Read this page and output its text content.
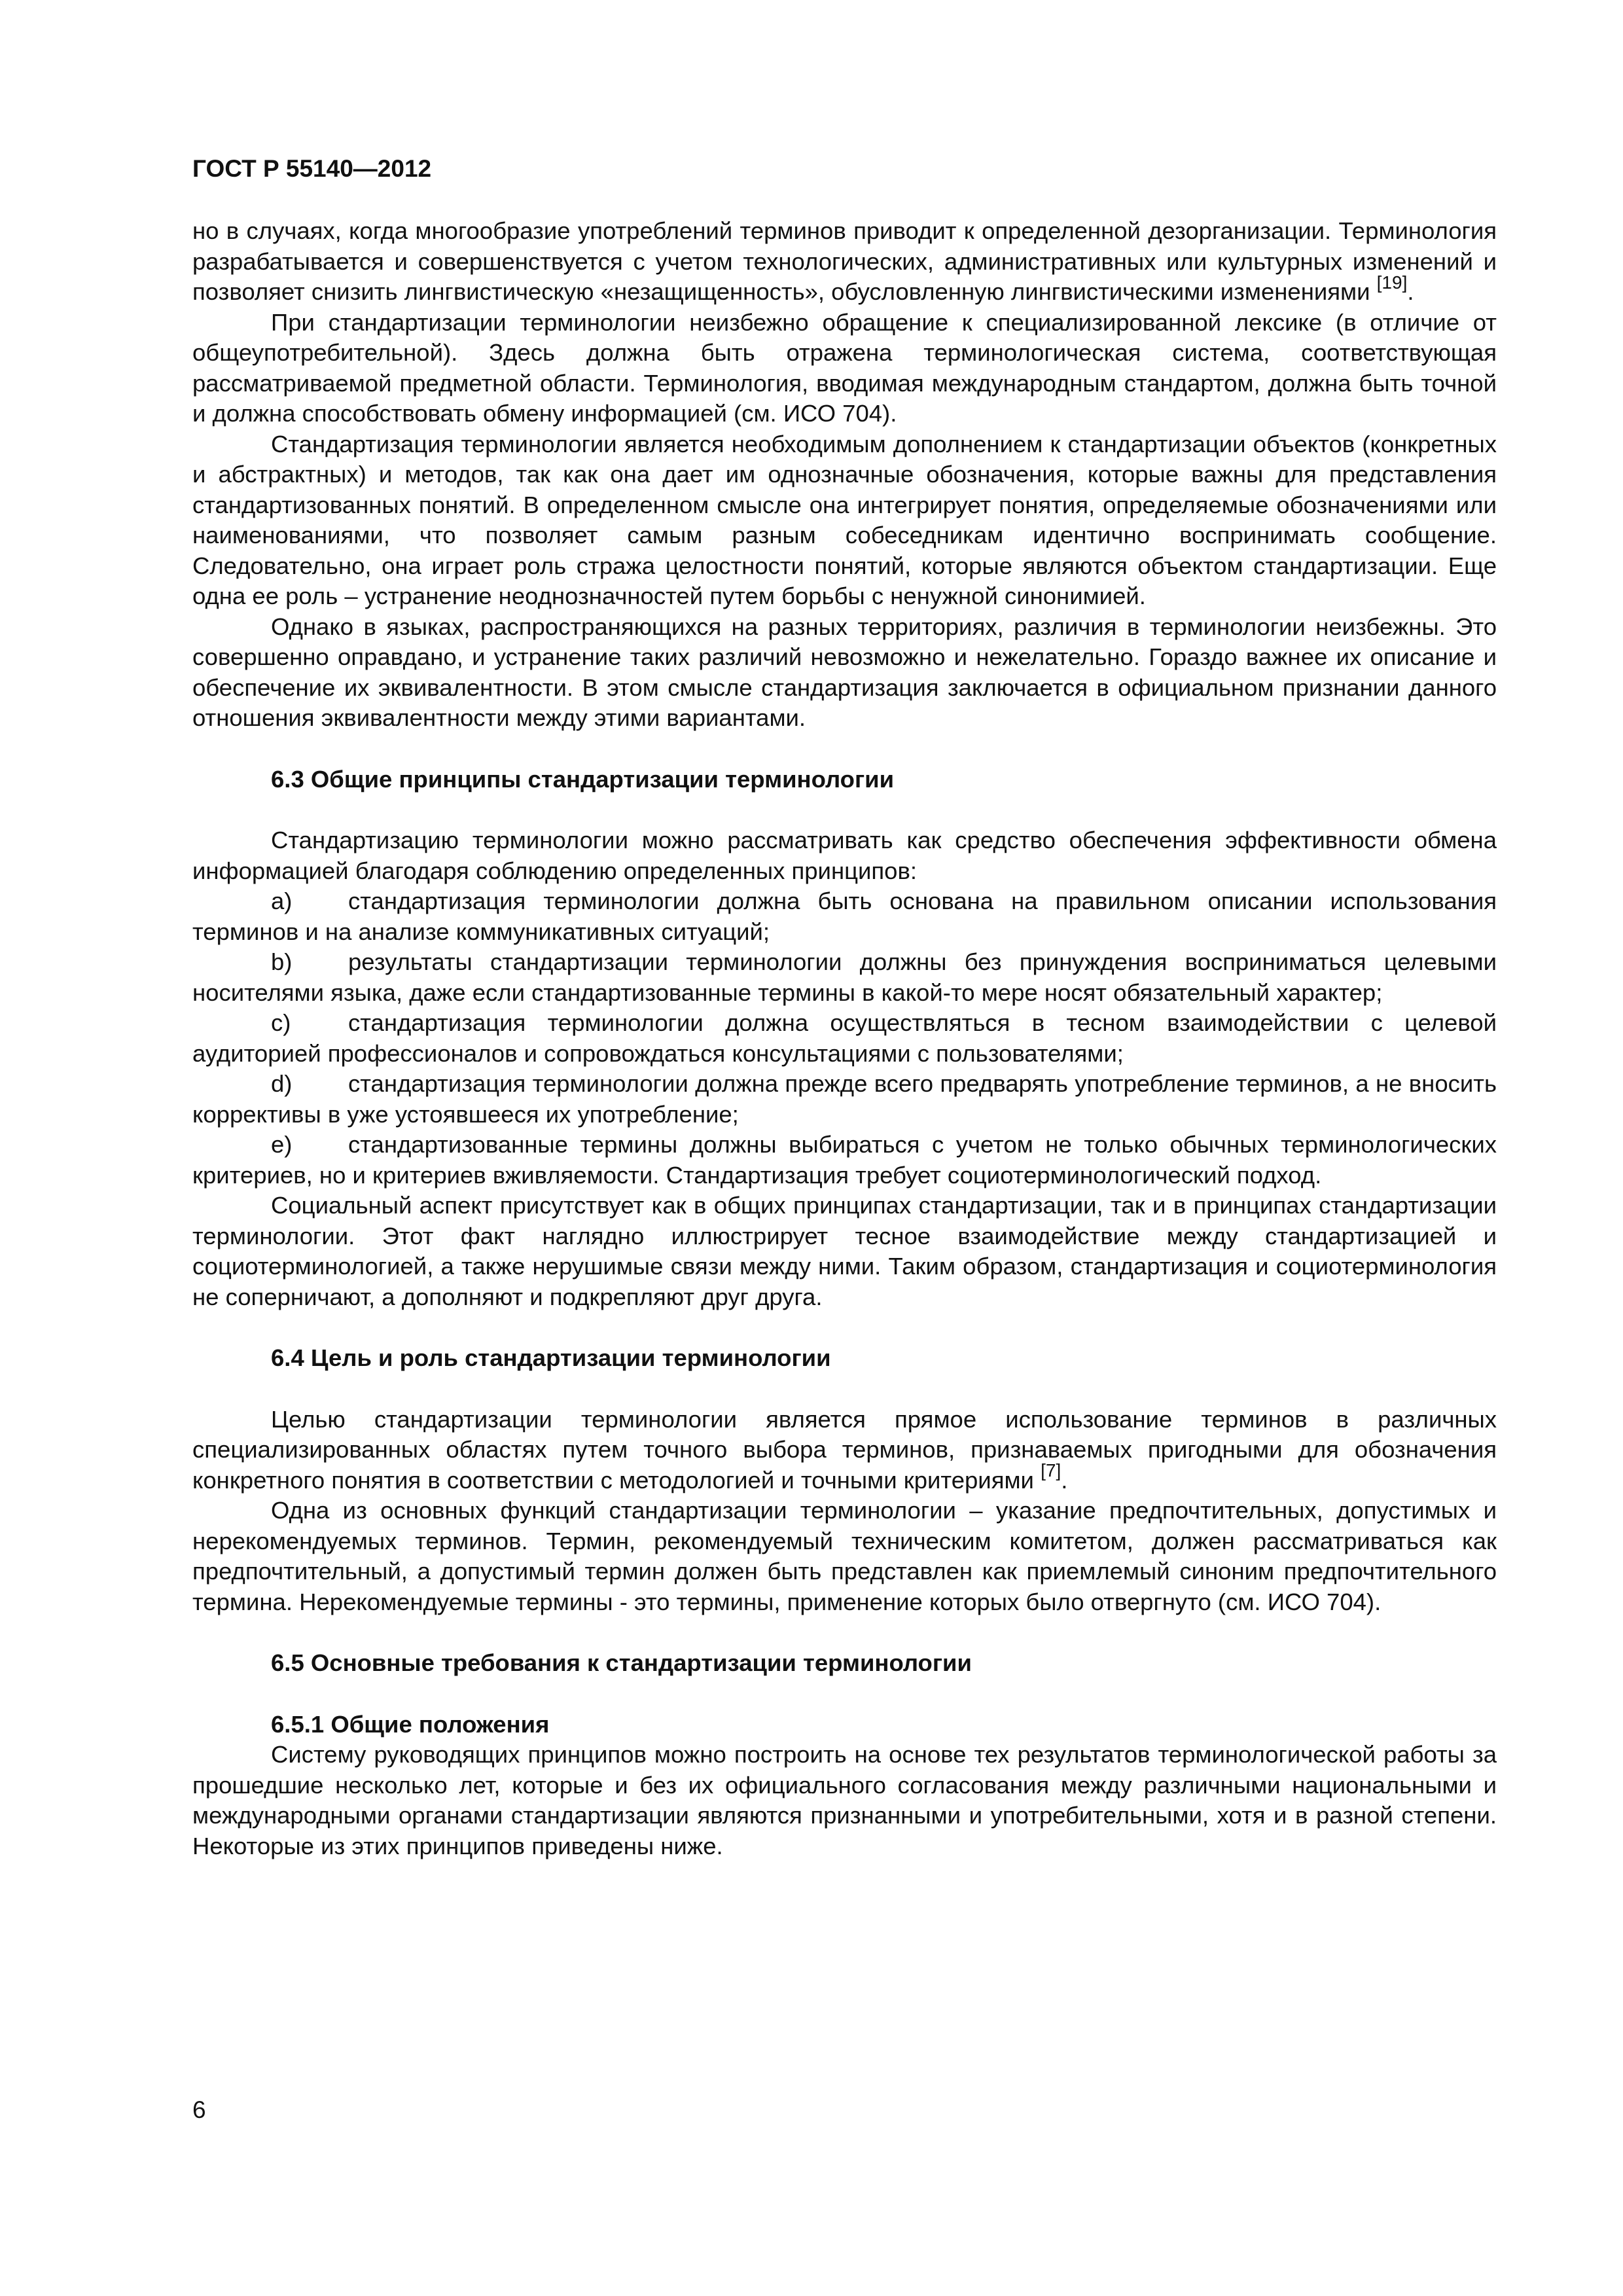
ГОСТ Р 55140—2012

но в случаях, когда многообразие употреблений терминов приводит к определенной дезорганизации. Терминология разрабатывается и совершенствуется с учетом технологических, административных или культурных изменений и позволяет снизить лингвистическую «незащищенность», обусловленную лингвистическими изменениями [19].

При стандартизации терминологии неизбежно обращение к специализированной лексике (в отличие от общеупотребительной). Здесь должна быть отражена терминологическая система, соответствующая рассматриваемой предметной области. Терминология, вводимая международным стандартом, должна быть точной и должна способствовать обмену информацией (см. ИСО 704).

Стандартизация терминологии является необходимым дополнением к стандартизации объектов (конкретных и абстрактных) и методов, так как она дает им однозначные обозначения, которые важны для представления стандартизованных понятий. В определенном смысле она интегрирует понятия, определяемые обозначениями или наименованиями, что позволяет самым разным собеседникам идентично воспринимать сообщение. Следовательно, она играет роль стража целостности понятий, которые являются объектом стандартизации. Еще одна ее роль – устранение неоднозначностей путем борьбы с ненужной синонимией.

Однако в языках, распространяющихся на разных территориях, различия в терминологии неизбежны. Это совершенно оправдано, и устранение таких различий невозможно и нежелательно. Гораздо важнее их описание и обеспечение их эквивалентности. В этом смысле стандартизация заключается в официальном признании данного отношения эквивалентности между этими вариантами.

6.3 Общие принципы стандартизации терминологии

Стандартизацию терминологии можно рассматривать как средство обеспечения эффективности обмена информацией благодаря соблюдению определенных принципов:

a) стандартизация терминологии должна быть основана на правильном описании использования терминов и на анализе коммуникативных ситуаций;

b) результаты стандартизации терминологии должны без принуждения восприниматься целевыми носителями языка, даже если стандартизованные термины в какой-то мере носят обязательный характер;

c) стандартизация терминологии должна осуществляться в тесном взаимодействии с целевой аудиторией профессионалов и сопровождаться консультациями с пользователями;

d) стандартизация терминологии должна прежде всего предварять употребление терминов, а не вносить коррективы в уже устоявшееся их употребление;

e) стандартизованные термины должны выбираться с учетом не только обычных терминологических критериев, но и критериев вживляемости. Стандартизация требует социотерминологический подход.

Социальный аспект присутствует как в общих принципах стандартизации, так и в принципах стандартизации терминологии. Этот факт наглядно иллюстрирует тесное взаимодействие между стандартизацией и социотерминологией, а также нерушимые связи между ними. Таким образом, стандартизация и социотерминология не соперничают, а дополняют и подкрепляют друг друга.

6.4 Цель и роль стандартизации терминологии

Целью стандартизации терминологии является прямое использование терминов в различных специализированных областях путем точного выбора терминов, признаваемых пригодными для обозначения конкретного понятия в соответствии с методологией и точными критериями [7].

Одна из основных функций стандартизации терминологии – указание предпочтительных, допустимых и нерекомендуемых терминов. Термин, рекомендуемый техническим комитетом, должен рассматриваться как предпочтительный, а допустимый термин должен быть представлен как приемлемый синоним предпочтительного термина. Нерекомендуемые термины - это термины, применение которых было отвергнуто (см. ИСО 704).

6.5 Основные требования к стандартизации терминологии
6.5.1 Общие положения

Систему руководящих принципов можно построить на основе тех результатов терминологической работы за прошедшие несколько лет, которые и без их официального согласования между различными национальными и международными органами стандартизации являются признанными и употребительными, хотя и в разной степени. Некоторые из этих принципов приведены ниже.

6
